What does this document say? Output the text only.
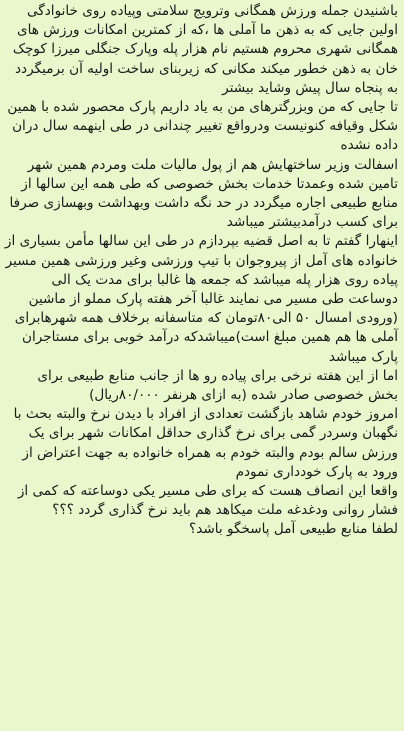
باشنیدن جمله ورزش همگانی وترویج سلامتی وپیاده روی خانوادگی اولین جایی که به ذهن ما آملی ها ،که از کمترین امکانات ورزش های همگانی شهری محروم هستیم نام هزار پله وپارک جنگلی میرزا کوچک خان به ذهن خطور میکند مکانی که زیربنای ساخت اولیه آن برمیگردد به پنجاه سال پیش وشاید بیشتر
تا جایی که من وبزرگترهای من به یاد داریم پارک محصور شده با همین شکل وقیافه کنونیست ودرواقع تغییر چندانی در طی اینهمه سال دران داده نشده
اسفالت وزیر ساختهایش هم از پول مالیات ملت ومردم همین شهر تامین شده وعمدتا خدمات بخش خصوصی که طی همه این سالها از منابع طبیعی اجاره میگردد در حد نگه داشت وبهداشت وبهسازی صرفا برای کسب درآمدبیشتر میباشد
اینهارا گفتم تا به اصل قضیه بپردازم در طی این سالها مأمن بسیاری از خانواده های آمل از پیروجوان با تیپ ورزشی وغیر ورزشی همین مسیر پیاده روی هزار پله میباشد که جمعه ها غالبا برای مدت یک الی دوساعت طی مسیر می نمایند غالبا آخر هفته پارک مملو از ماشین (ورودی امسال ۵۰ الی۸۰تومان که متاسفانه برخلاف همه شهرهابرای آملی ها هم همین مبلغ است)میباشدکه درآمد خوبی برای مستاجران پارک میباشد
اما از این هفته نرخی برای پیاده رو ها از جانب منابع طبیعی برای بخش خصوصی صادر شده (به ازای هرنفر ۸۰/۰۰۰ریال)
امروز خودم شاهد بازگشت تعدادی از افراد با دیدن نرخ والبته بحث با نگهبان وسردر گمی برای نرخ گذاری حداقل امکانات شهر برای یک ورزش سالم بودم والبته خودم به همراه خانواده به جهت اعتراض از ورود به پارک خودداری نمودم
واقعا این انصاف هست که برای طی مسیر یکی دوساعته که کمی از فشار روانی ودغدغه ملت میکاهد هم باید نرخ گذاری گردد ؟؟؟
لطفا منابع طبیعی آمل پاسخگو باشد؟
